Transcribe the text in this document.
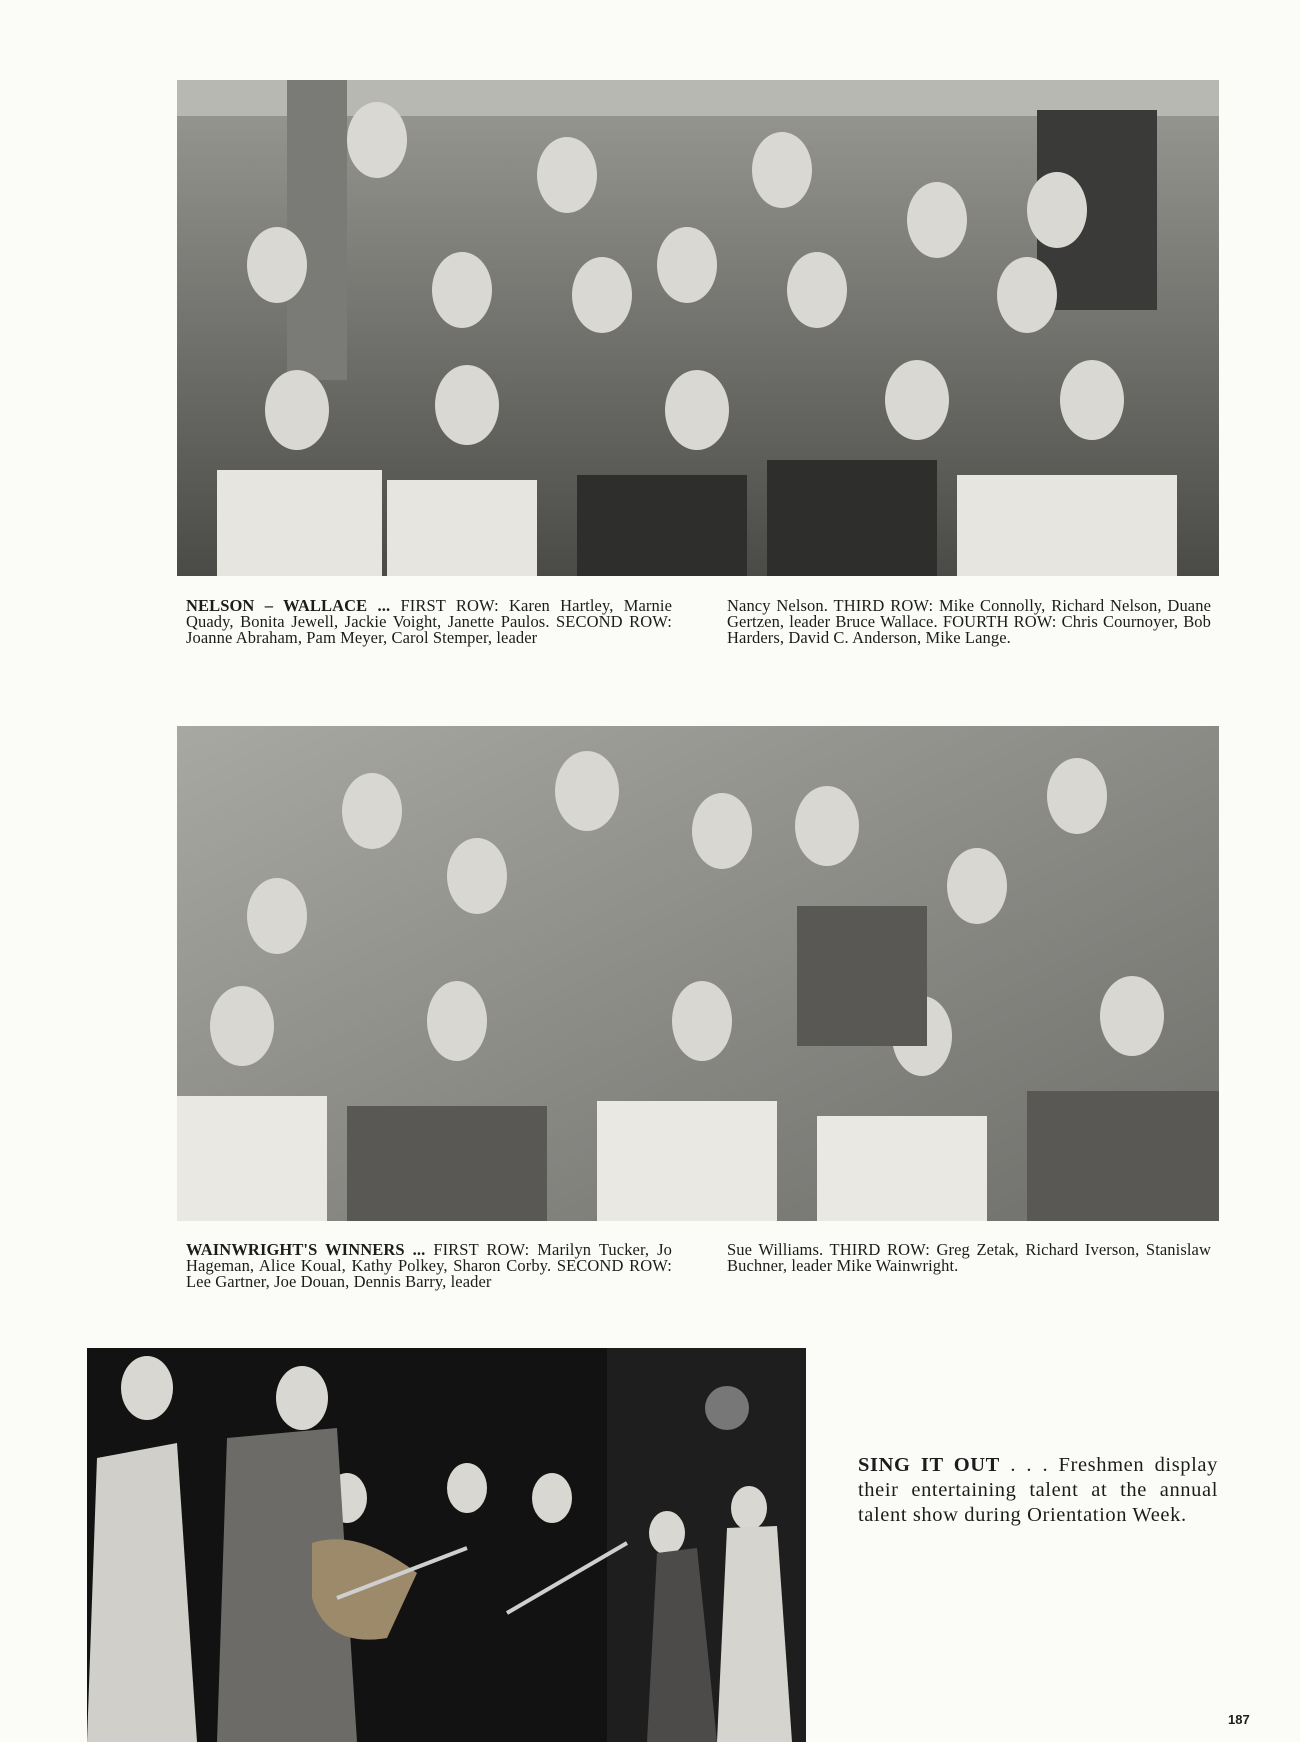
NELSON – WALLACE ... FIRST ROW: Karen Hartley, Marnie Quady, Bonita Jewell, Jackie Voight, Janette Paulos. SECOND ROW: Joanne Abraham, Pam Meyer, Carol Stemper, leader
Nancy Nelson. THIRD ROW: Mike Connolly, Richard Nelson, Duane Gertzen, leader Bruce Wallace. FOURTH ROW: Chris Cournoyer, Bob Harders, David C. Anderson, Mike Lange.
WAINWRIGHT'S WINNERS ... FIRST ROW: Marilyn Tucker, Jo Hageman, Alice Koual, Kathy Polkey, Sharon Corby. SECOND ROW: Lee Gartner, Joe Douan, Dennis Barry, leader
Sue Williams. THIRD ROW: Greg Zetak, Richard Iverson, Stanislaw Buchner, leader Mike Wainwright.
SING IT OUT . . . Freshmen display their entertaining talent at the annual talent show during Orientation Week.
187
